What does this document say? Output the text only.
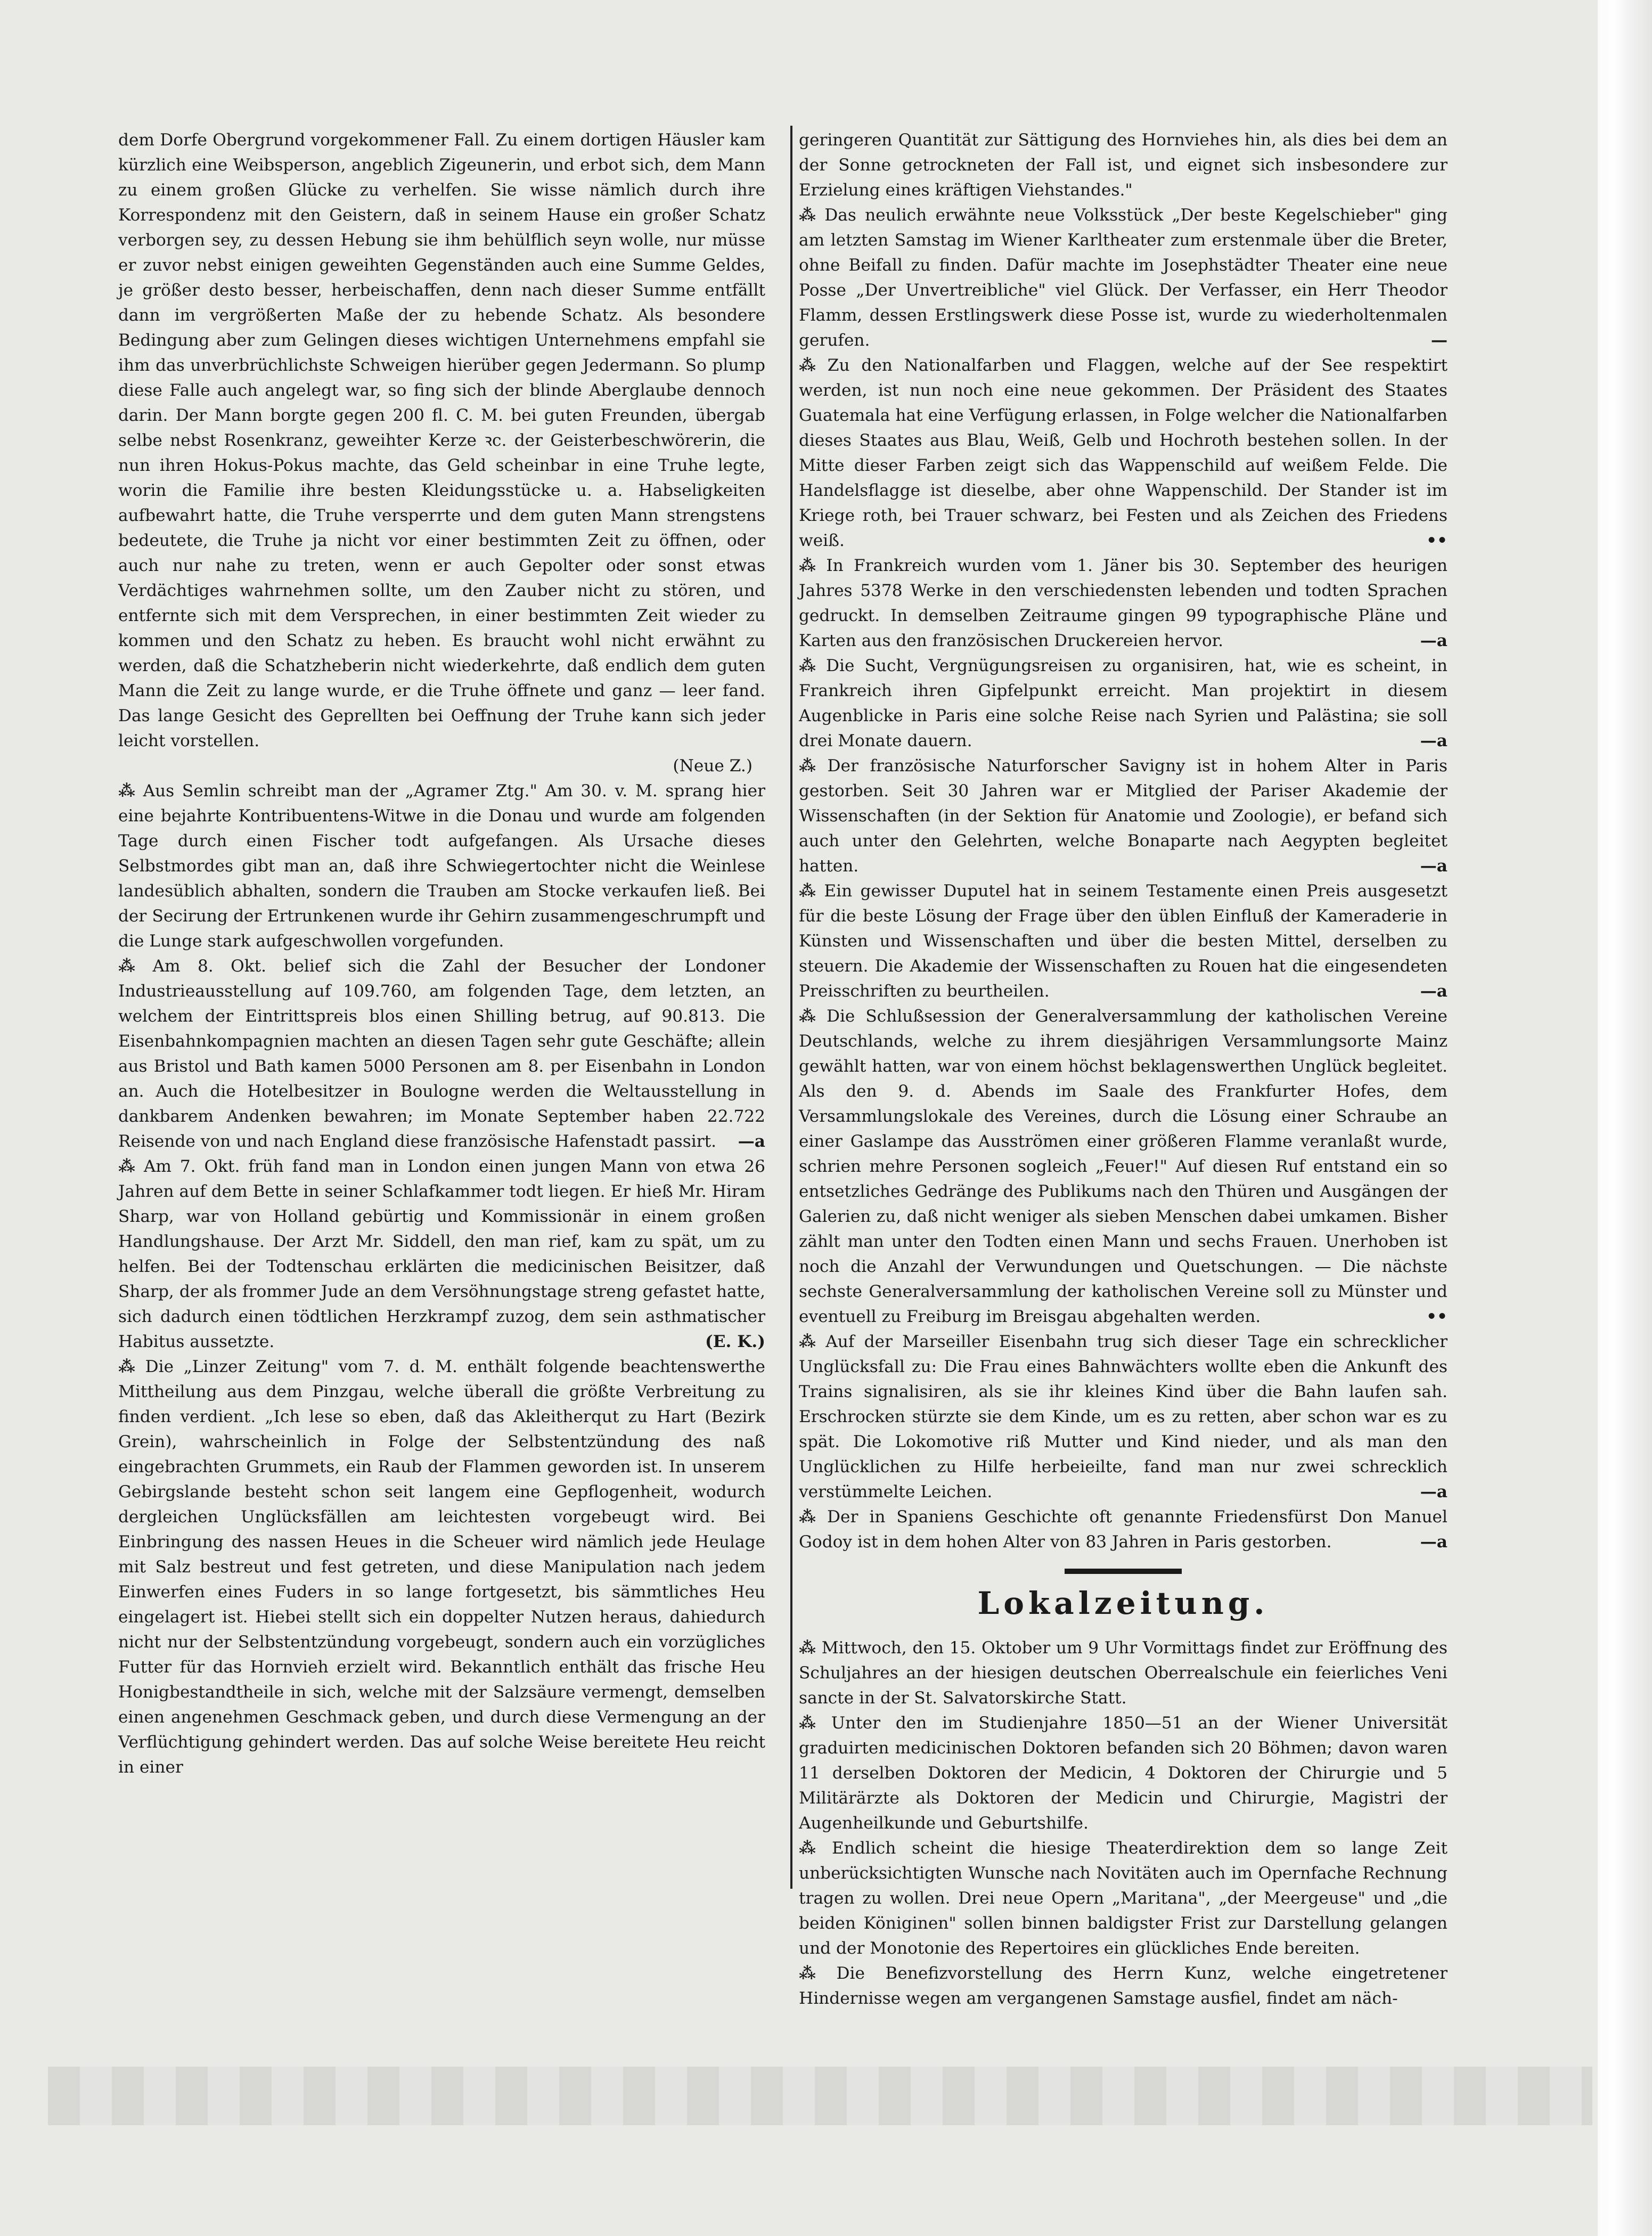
dem Dorfe Obergrund vorgekommener Fall. Zu einem dortigen Häusler kam kürzlich eine Weibsperson, angeblich Zigeunerin, und erbot sich, dem Mann zu einem großen Glücke zu verhelfen. Sie wisse nämlich durch ihre Korrespondenz mit den Geistern, daß in seinem Hause ein großer Schatz verborgen sey, zu dessen Hebung sie ihm behülflich seyn wolle, nur müsse er zuvor nebst einigen geweihten Gegenständen auch eine Summe Geldes, je größer desto besser, herbeischaffen, denn nach dieser Summe entfällt dann im vergrößerten Maße der zu hebende Schatz. Als besondere Bedingung aber zum Gelingen dieses wichtigen Unternehmens empfahl sie ihm das unverbrüchlichste Schweigen hierüber gegen Jedermann. So plump diese Falle auch angelegt war, so fing sich der blinde Aberglaube dennoch darin. Der Mann borgte gegen 200 fl. C. M. bei guten Freunden, übergab selbe nebst Rosenkranz, geweihter Kerze ꝛc. der Geisterbeschwörerin, die nun ihren Hokus-Pokus machte, das Geld scheinbar in eine Truhe legte, worin die Familie ihre besten Kleidungsstücke u. a. Habseligkeiten aufbewahrt hatte, die Truhe versperrte und dem guten Mann strengstens bedeutete, die Truhe ja nicht vor einer bestimmten Zeit zu öffnen, oder auch nur nahe zu treten, wenn er auch Gepolter oder sonst etwas Verdächtiges wahrnehmen sollte, um den Zauber nicht zu stören, und entfernte sich mit dem Versprechen, in einer bestimmten Zeit wieder zu kommen und den Schatz zu heben. Es braucht wohl nicht erwähnt zu werden, daß die Schatzheberin nicht wiederkehrte, daß endlich dem guten Mann die Zeit zu lange wurde, er die Truhe öffnete und ganz — leer fand. Das lange Gesicht des Geprellten bei Oeffnung der Truhe kann sich jeder leicht vorstellen.
(Neue Z.)

⁂ Aus Semlin schreibt man der „Agramer Ztg." Am 30. v. M. sprang hier eine bejahrte Kontribuentens-Witwe in die Donau und wurde am folgenden Tage durch einen Fischer todt aufgefangen. Als Ursache dieses Selbstmordes gibt man an, daß ihre Schwiegertochter nicht die Weinlese landesüblich abhalten, sondern die Trauben am Stocke verkaufen ließ. Bei der Secirung der Ertrunkenen wurde ihr Gehirn zusammengeschrumpft und die Lunge stark aufgeschwollen vorgefunden.

⁂ Am 8. Okt. belief sich die Zahl der Besucher der Londoner Industrieausstellung auf 109.760, am folgenden Tage, dem letzten, an welchem der Eintrittspreis blos einen Shilling betrug, auf 90.813. Die Eisenbahnkompagnien machten an diesen Tagen sehr gute Geschäfte; allein aus Bristol und Bath kamen 5000 Personen am 8. per Eisenbahn in London an. Auch die Hotelbesitzer in Boulogne werden die Weltausstellung in dankbarem Andenken bewahren; im Monate September haben 22.722 Reisende von und nach England diese französische Hafenstadt passirt. —a

⁂ Am 7. Okt. früh fand man in London einen jungen Mann von etwa 26 Jahren auf dem Bette in seiner Schlafkammer todt liegen. Er hieß Mr. Hiram Sharp, war von Holland gebürtig und Kommissionär in einem großen Handlungshause. Der Arzt Mr. Siddell, den man rief, kam zu spät, um zu helfen. Bei der Todtenschau erklärten die medicinischen Beisitzer, daß Sharp, der als frommer Jude an dem Versöhnungstage streng gefastet hatte, sich dadurch einen tödtlichen Herzkrampf zuzog, dem sein asthmatischer Habitus aussetzte.	(E. K.)

⁂ Die „Linzer Zeitung" vom 7. d. M. enthält folgende beachtenswerthe Mittheilung aus dem Pinzgau, welche überall die größte Verbreitung zu finden verdient. „Ich lese so eben, daß das Akleitherqut zu Hart (Bezirk Grein), wahrscheinlich in Folge der Selbstentzündung des naß eingebrachten Grummets, ein Raub der Flammen geworden ist. In unserem Gebirgslande besteht schon seit langem eine Gepflogenheit, wodurch dergleichen Unglücksfällen am leichtesten vorgebeugt wird. Bei Einbringung des nassen Heues in die Scheuer wird nämlich jede Heulage mit Salz bestreut und fest getreten, und diese Manipulation nach jedem Einwerfen eines Fuders in so lange fortgesetzt, bis sämmtliches Heu eingelagert ist. Hiebei stellt sich ein doppelter Nutzen heraus, dahiedurch nicht nur der Selbstentzündung vorgebeugt, sondern auch ein vorzügliches Futter für das Hornvieh erzielt wird. Bekanntlich enthält das frische Heu Honigbestandtheile in sich, welche mit der Salzsäure vermengt, demselben einen angenehmen Geschmack geben, und durch diese Vermengung an der Verflüchtigung gehindert werden. Das auf solche Weise bereitete Heu reicht in einer

geringeren Quantität zur Sättigung des Hornviehes hin, als dies bei dem an der Sonne getrockneten der Fall ist, und eignet sich insbesondere zur Erzielung eines kräftigen Viehstandes."

⁂ Das neulich erwähnte neue Volksstück „Der beste Kegelschieber" ging am letzten Samstag im Wiener Karltheater zum erstenmale über die Breter, ohne Beifall zu finden. Dafür machte im Josephstädter Theater eine neue Posse „Der Unvertreibliche" viel Glück. Der Verfasser, ein Herr Theodor Flamm, dessen Erstlingswerk diese Posse ist, wurde zu wiederholtenmalen gerufen.	—

⁂ Zu den Nationalfarben und Flaggen, welche auf der See respektirt werden, ist nun noch eine neue gekommen. Der Präsident des Staates Guatemala hat eine Verfügung erlassen, in Folge welcher die Nationalfarben dieses Staates aus Blau, Weiß, Gelb und Hochroth bestehen sollen. In der Mitte dieser Farben zeigt sich das Wappenschild auf weißem Felde. Die Handelsflagge ist dieselbe, aber ohne Wappenschild. Der Stander ist im Kriege roth, bei Trauer schwarz, bei Festen und als Zeichen des Friedens weiß.	••

⁂ In Frankreich wurden vom 1. Jäner bis 30. September des heurigen Jahres 5378 Werke in den verschiedensten lebenden und todten Sprachen gedruckt. In demselben Zeitraume gingen 99 typographische Pläne und Karten aus den französischen Druckereien hervor.	—a

⁂ Die Sucht, Vergnügungsreisen zu organisiren, hat, wie es scheint, in Frankreich ihren Gipfelpunkt erreicht. Man projektirt in diesem Augenblicke in Paris eine solche Reise nach Syrien und Palästina; sie soll drei Monate dauern.	—a

⁂ Der französische Naturforscher Savigny ist in hohem Alter in Paris gestorben. Seit 30 Jahren war er Mitglied der Pariser Akademie der Wissenschaften (in der Sektion für Anatomie und Zoologie), er befand sich auch unter den Gelehrten, welche Bonaparte nach Aegypten begleitet hatten.	—a

⁂ Ein gewisser Duputel hat in seinem Testamente einen Preis ausgesetzt für die beste Lösung der Frage über den üblen Einfluß der Kameraderie in Künsten und Wissenschaften und über die besten Mittel, derselben zu steuern. Die Akademie der Wissenschaften zu Rouen hat die eingesendeten Preisschriften zu beurtheilen.	—a

⁂ Die Schlußsession der Generalversammlung der katholischen Vereine Deutschlands, welche zu ihrem diesjährigen Versammlungsorte Mainz gewählt hatten, war von einem höchst beklagenswerthen Unglück begleitet. Als den 9. d. Abends im Saale des Frankfurter Hofes, dem Versammlungslokale des Vereines, durch die Lösung einer Schraube an einer Gaslampe das Ausströmen einer größeren Flamme veranlaßt wurde, schrien mehre Personen sogleich „Feuer!" Auf diesen Ruf entstand ein so entsetzliches Gedränge des Publikums nach den Thüren und Ausgängen der Galerien zu, daß nicht weniger als sieben Menschen dabei umkamen. Bisher zählt man unter den Todten einen Mann und sechs Frauen. Unerhoben ist noch die Anzahl der Verwundungen und Quetschungen. — Die nächste sechste Generalversammlung der katholischen Vereine soll zu Münster und eventuell zu Freiburg im Breisgau abgehalten werden.	••

⁂ Auf der Marseiller Eisenbahn trug sich dieser Tage ein schrecklicher Unglücksfall zu: Die Frau eines Bahnwächters wollte eben die Ankunft des Trains signalisiren, als sie ihr kleines Kind über die Bahn laufen sah. Erschrocken stürzte sie dem Kinde, um es zu retten, aber schon war es zu spät. Die Lokomotive riß Mutter und Kind nieder, und als man den Unglücklichen zu Hilfe herbeieilte, fand man nur zwei schrecklich verstümmelte Leichen.	—a

⁂ Der in Spaniens Geschichte oft genannte Friedensfürst Don Manuel Godoy ist in dem hohen Alter von 83 Jahren in Paris gestorben.	—a

Lokalzeitung.

⁂ Mittwoch, den 15. Oktober um 9 Uhr Vormittags findet zur Eröffnung des Schuljahres an der hiesigen deutschen Oberrealschule ein feierliches Veni sancte in der St. Salvatorskirche Statt.

⁂ Unter den im Studienjahre 1850—51 an der Wiener Universität graduirten medicinischen Doktoren befanden sich 20 Böhmen; davon waren 11 derselben Doktoren der Medicin, 4 Doktoren der Chirurgie und 5 Militärärzte als Doktoren der Medicin und Chirurgie, Magistri der Augenheilkunde und Geburtshilfe.

⁂ Endlich scheint die hiesige Theaterdirektion dem so lange Zeit unberücksichtigten Wunsche nach Novitäten auch im Opernfache Rechnung tragen zu wollen. Drei neue Opern „Maritana", „der Meergeuse" und „die beiden Königinen" sollen binnen baldigster Frist zur Darstellung gelangen und der Monotonie des Repertoires ein glückliches Ende bereiten.

⁂ Die Benefizvorstellung des Herrn Kunz, welche eingetretener Hindernisse wegen am vergangenen Samstage ausfiel, findet am näch-
